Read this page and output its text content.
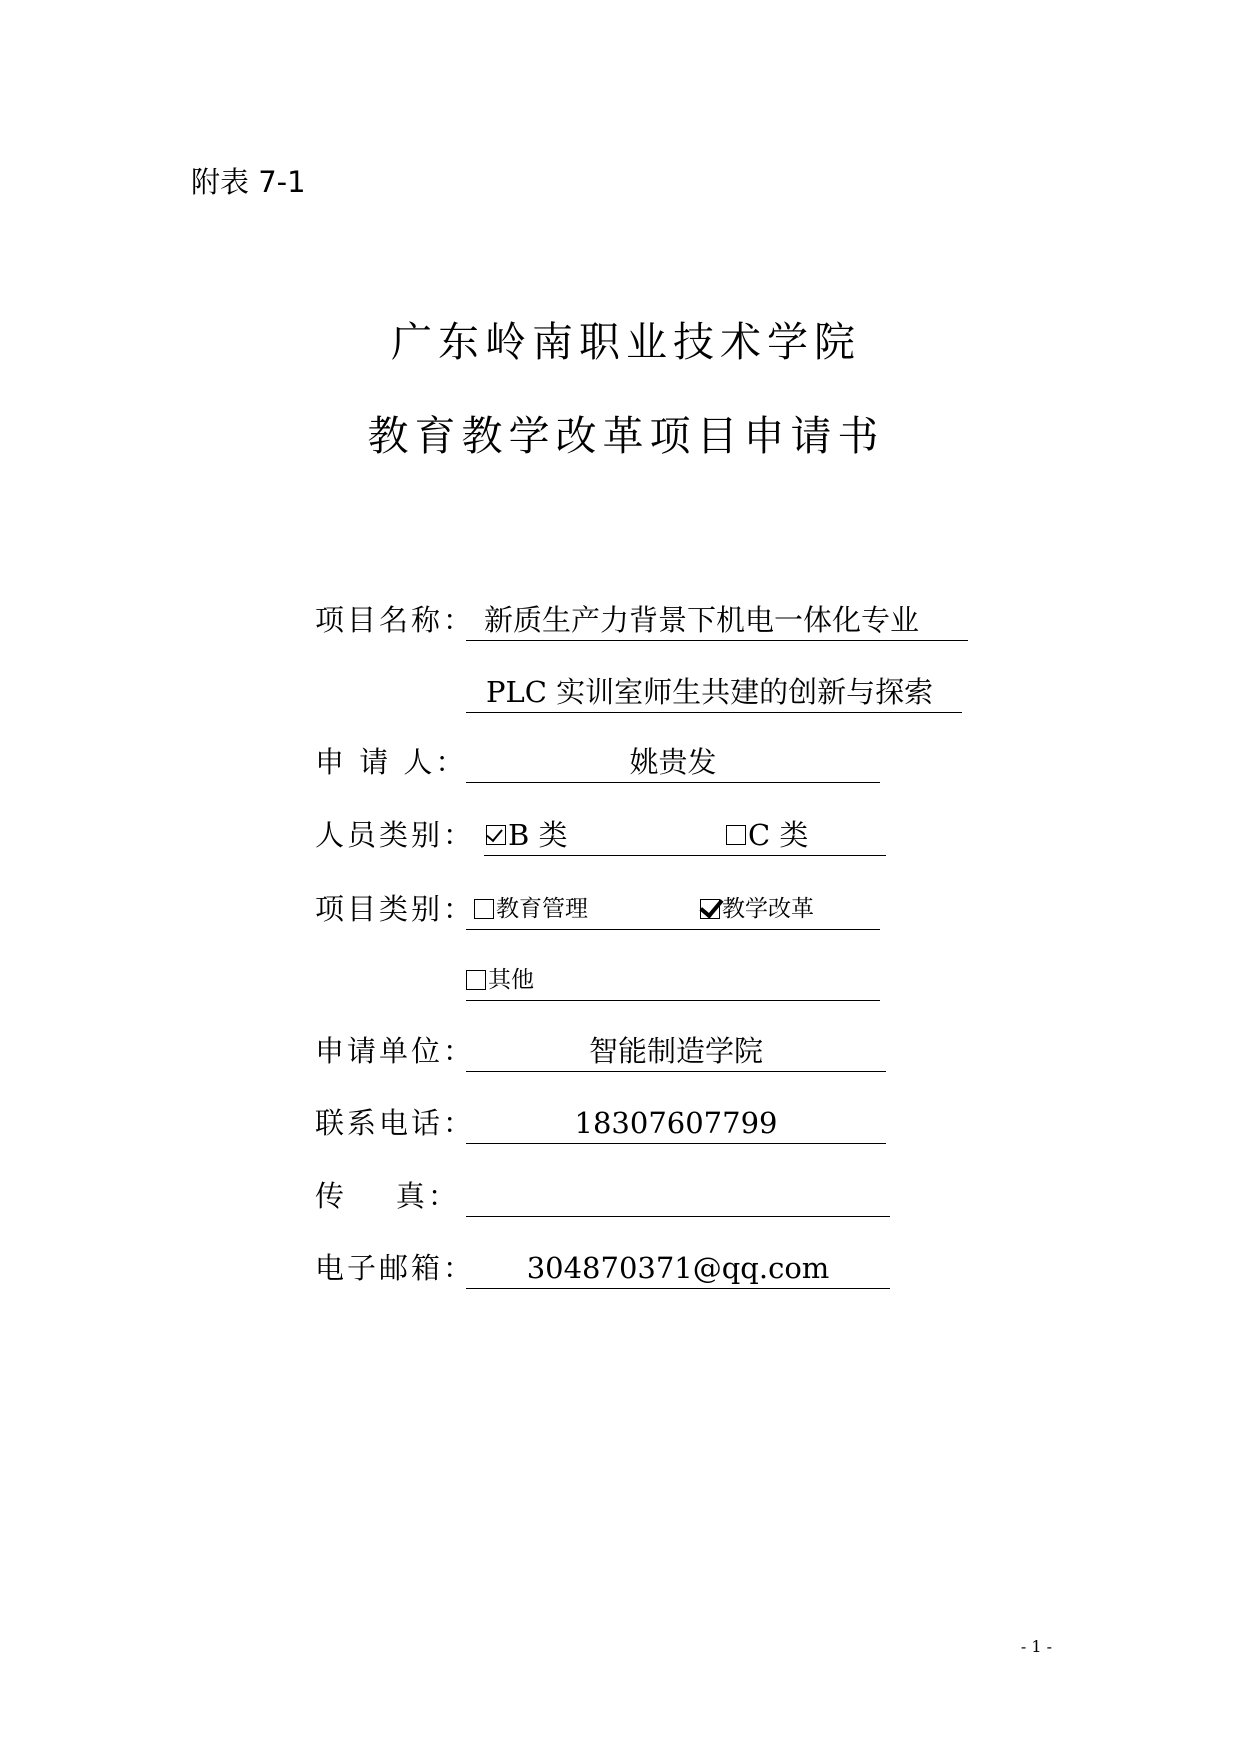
附表 7-1
广东岭南职业技术学院
教育教学改革项目申请书
项目名称： 新质生产力背景下机电一体化专业
PLC 实训室师生共建的创新与探索
申 请 人：	姚贵发
人员类别： B 类	C 类
项目类别： 教育管理	教学改革
其他
申请单位：	智能制造学院
联系电话：	18307607799
传    真：
电子邮箱：	304870371@qq.com
- 1 -
